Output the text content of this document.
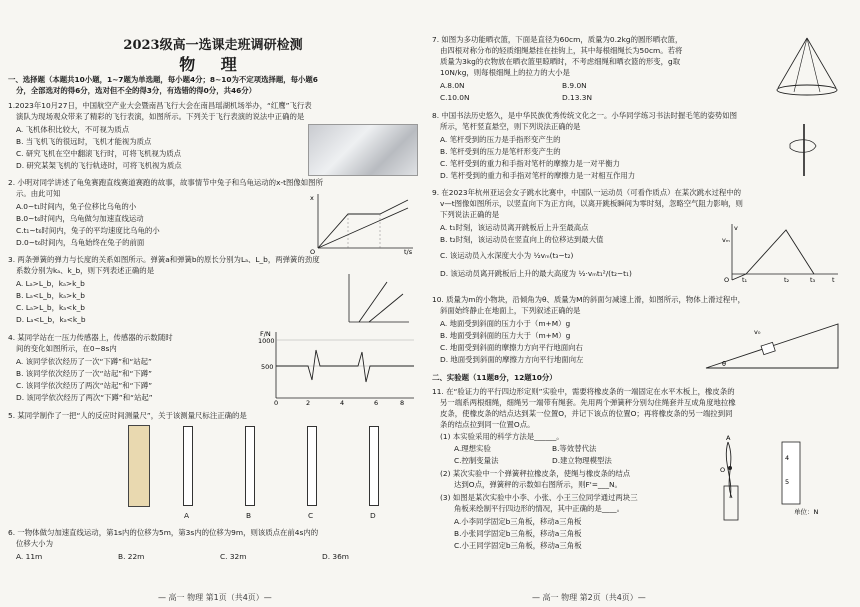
2023级高一选课走班调研检测
物 理
一、选择题（本题共10小题，1~7题为单选题，每小题4分；8~10为不定项选择题，每小题6
分，全部选对的得6分，选对但不全的得3分，有选错的得0分，共46分）
1.2023年10月27日，中国航空产业大会暨南昌飞行大会在南昌瑶湖机场举办，“红鹰”飞行表
演队为现场观众带来了精彩的飞行表演，如图所示。下列关于飞行表演的说法中正确的是
A. 飞机体积比较大，不可视为质点
B. 当飞机飞的很远时，飞机才能视为质点
C. 研究飞机在空中翻滚飞行时，可将飞机视为质点
D. 研究某架飞机的飞行轨迹时，可将飞机视为质点
2. 小明对同学讲述了龟兔赛跑直线赛道赛跑的故事，故事情节中兔子和乌龟运动的x-t图像如图所
示。由此可知
A.0~t₁时间内，兔子位移比乌龟的小
B.0~t₆时间内，乌龟做匀加速直线运动
C.t₁~t₆时间内，兔子的平均速度比乌龟的小
D.0~t₆时间内，乌龟始终在兔子的前面
x
O	t/s
3. 两条弹簧的弹力与长度的关系如图所示。弹簧a和弹簧b的原长分别为Lₐ、L_b，两弹簧的劲度
系数分别为kₐ、k_b，则下列表述正确的是
A. Lₐ>L_b，kₐ>k_b
B. Lₐ<L_b，kₐ>k_b
C. Lₐ>L_b，kₐ<k_b
D. Lₐ<L_b，kₐ<k_b
4. 某同学站在一压力传感器上，传感器的示数随时
间的变化如图所示，在0~8s内
A. 该同学依次经历了一次“下蹲”和“站起”
B. 该同学依次经历了一次“站起”和“下蹲”
C. 该同学依次经历了两次“站起”和“下蹲”
D. 该同学依次经历了两次“下蹲”和“站起”
F/N
1000
500
0	2	4	6	8
5. 某同学制作了一把“人的反应时间测量尺”，关于该测量尺标注正确的是
A	B	C	D
6. 一物体做匀加速直线运动，第1s内的位移为5m，第3s内的位移为9m，则该质点在前4s内的
位移大小为
A. 11m	B. 22m	C. 32m	D. 36m
— 高一 物理 第1页（共4页）—
7. 如图为多功能晒衣篮，下面是直径为60cm，质量为0.2kg的圆形晒衣篮，
由四根对称分布的轻质细绳悬挂在挂钩上，其中每根细绳长为50cm。若将
质量为3kg的衣物放在晒衣篮里晾晒时，不考虑细绳和晒衣篮的形变，g取
10N/kg，则每根细绳上的拉力的大小是
A.8.0N	B.9.0N
C.10.0N	D.13.3N
8. 中国书法历史悠久，是中华民族优秀传统文化之一。小华同学练习书法时握毛笔的姿势如图
所示，笔杆竖直悬空，则下列说法正确的是
A. 笔杆受到的压力是手指形变产生的
B. 笔杆受到的压力是笔杆形变产生的
C. 笔杆受到的重力和手指对笔杆的摩擦力是一对平衡力
D. 笔杆受到的重力和手指对笔杆的摩擦力是一对相互作用力
9. 在2023年杭州亚运会女子跳水比赛中，中国队一运动员（可看作质点）在某次跳水过程中的
v—t图像如图所示，以竖直向下为正方向，以离开跳板瞬间为零时刻，忽略空气阻力影响，则
下列说法正确的是
A. t₁时刻，该运动员离开跳板后上升至最高点
B. t₂时刻，该运动员在竖直向上的位移达到最大值
C. 该运动员入水深度大小为 ½vₘ(t₃−t₂)
D. 该运动员离开跳板后上升的最大高度为 ½·vₘt₁²/(t₂−t₁)
v
vₘ
O t₁	t₂	t₃	t
10. 质量为m的小物块，沿倾角为θ、质量为M的斜面匀减速上滑，如图所示，物体上滑过程中，
斜面始终静止在地面上，下列叙述正确的是
A. 地面受到斜面的压力小于（m+M）g
B. 地面受到斜面的压力大于（m+M）g
C. 地面受到斜面的摩擦力方向平行地面向右
D. 地面受到斜面的摩擦力方向平行地面向左
v₀
θ
二、实验题（11题8分，12题10分）
11. 在“验证力的平行四边形定则”实验中，需要将橡皮条的一端固定在水平木板上，橡皮条的
另一端系两根细绳，细绳另一端带有绳套。先用两个弹簧秤分别勾住绳套并互成角度地拉橡
皮条，使橡皮条的结点达到某一位置O，并记下该点的位置O；再将橡皮条的另一端拉到同
条的结点拉到同一位置O点。
(1) 本实验采用的科学方法是______。
A.理想实验	B.等效替代法
C.控制变量法	D.建立物理模型法
(2) 某次实验中一个弹簧秤拉橡皮条，使绳与橡皮条的结点
达到O点，弹簧秤的示数如右图所示，则F'=___N。
(3) 如图是某次实验中小李、小张、小王三位同学通过两块三
角板来绘制平行四边形的情况，其中正确的是____。
A.小李同学固定b三角板，移动a三角板
B.小张同学固定b三角板，移动a三角板
C.小王同学固定b三角板，移动a三角板
A
O
4
5
单位：N
— 高一 物理 第2页（共4页）—
